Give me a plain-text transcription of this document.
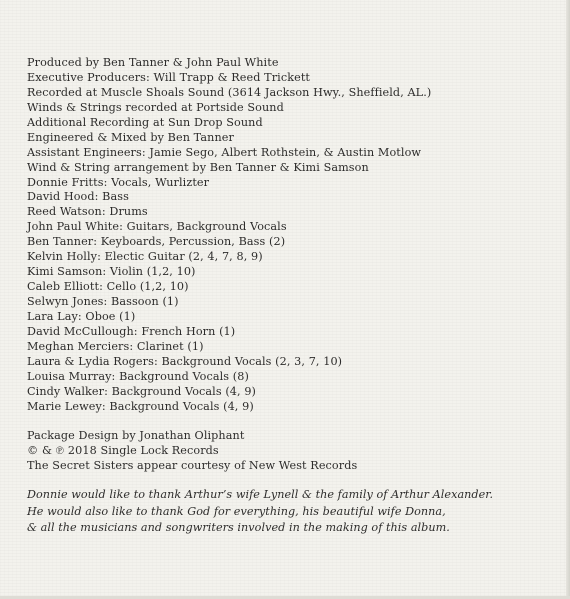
Produced by Ben Tanner & John Paul White
Executive Producers: Will Trapp & Reed Trickett
Recorded at Muscle Shoals Sound (3614 Jackson Hwy., Sheffield, AL.)
Winds & Strings recorded at Portside Sound
Additional Recording at Sun Drop Sound
Engineered & Mixed by Ben Tanner
Assistant Engineers: Jamie Sego, Albert Rothstein, & Austin Motlow
Wind & String arrangement by Ben Tanner & Kimi Samson
Donnie Fritts: Vocals, Wurlizter
David Hood: Bass
Reed Watson: Drums
John Paul White: Guitars, Background Vocals
Ben Tanner: Keyboards, Percussion, Bass (2)
Kelvin Holly: Electic Guitar (2, 4, 7, 8, 9)
Kimi Samson: Violin (1,2, 10)
Caleb Elliott: Cello (1,2, 10)
Selwyn Jones: Bassoon (1)
Lara Lay: Oboe (1)
David McCullough: French Horn (1)
Meghan Merciers: Clarinet (1)
Laura & Lydia Rogers: Background Vocals (2, 3, 7, 10)
Louisa Murray: Background Vocals (8)
Cindy Walker: Background Vocals (4, 9)
Marie Lewey: Background Vocals (4, 9)
Package Design by Jonathan Oliphant
© & ℗ 2018 Single Lock Records
The Secret Sisters appear courtesy of New West Records
Donnie would like to thank Arthur’s wife Lynell & the family of Arthur Alexander.
He would also like to thank God for everything, his beautiful wife Donna,
& all the musicians and songwriters involved in the making of this album.
